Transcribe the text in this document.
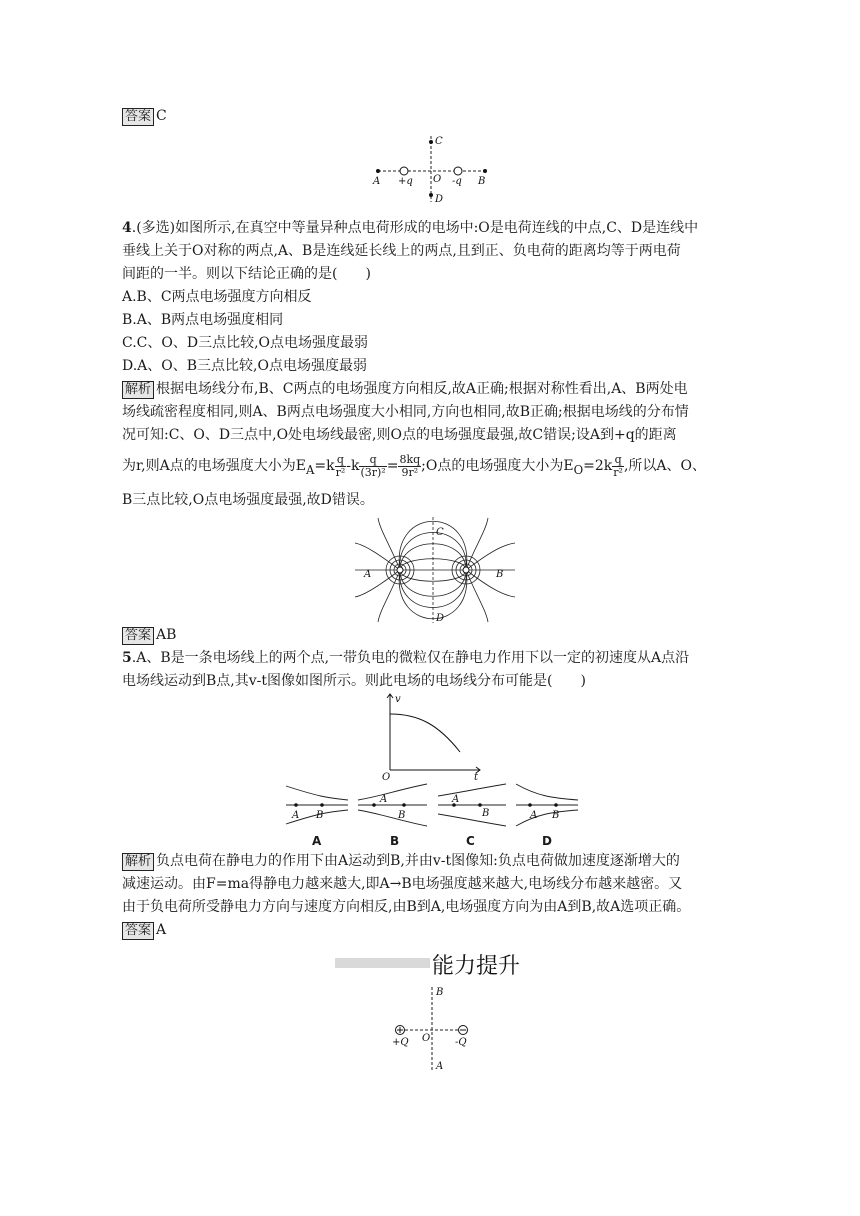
答案 C
C
D
A	B
O
+q	-q
4.(多选)如图所示,在真空中等量异种点电荷形成的电场中:O是电荷连线的中点,C、D是连线中
垂线上关于O对称的两点,A、B是连线延长线上的两点,且到正、负电荷的距离均等于两电荷
间距的一半。则以下结论正确的是(　　)
A.B、C两点电场强度方向相反
B.A、B两点电场强度相同
C.C、O、D三点比较,O点电场强度最弱
D.A、O、B三点比较,O点电场强度最弱
解析 根据电场线分布,B、C两点的电场强度方向相反,故A正确;根据对称性看出,A、B两处电
场线疏密程度相同,则A、B两点电场强度大小相同,方向也相同,故B正确;根据电场线的分布情
况可知:C、O、D三点中,O处电场线最密,则O点的电场强度最强,故C错误;设A到+q的距离
为r,则A点的电场强度大小为$E_A=k \frac{q}{\text{r²}} -k \frac{q}{\text{(3r)²}} = \frac{8kq}{\text{9r²}}$ ;O点的电场强度大小为$E_O=2k \frac{q}{\text{r²}}$ ,所以A、O、
B三点比较,O点电场强度最强,故D错误。
C
D
A	B
答案 AB
5.A、B是一条电场线上的两个点,一带负电的微粒仅在静电力作用下以一定的初速度从A点沿
电场线运动到B点,其v-t图像如图所示。则此电场的电场线分布可能是(　　)
v
t
O
A B
A
B
A
B	A B
A	B	C	D
解析 负点电荷在静电力的作用下由A运动到B,并由v-t图像知:负点电荷做加速度逐渐增大的
减速运动。由F=ma得静电力越来越大,即A→B电场强度越来越大,电场线分布越来越密。又
由于负电荷所受静电力方向与速度方向相反,由B到A,电场强度方向为由A到B,故A选项正确。
答案 A
能力提升
B
A
O
+Q	-Q
